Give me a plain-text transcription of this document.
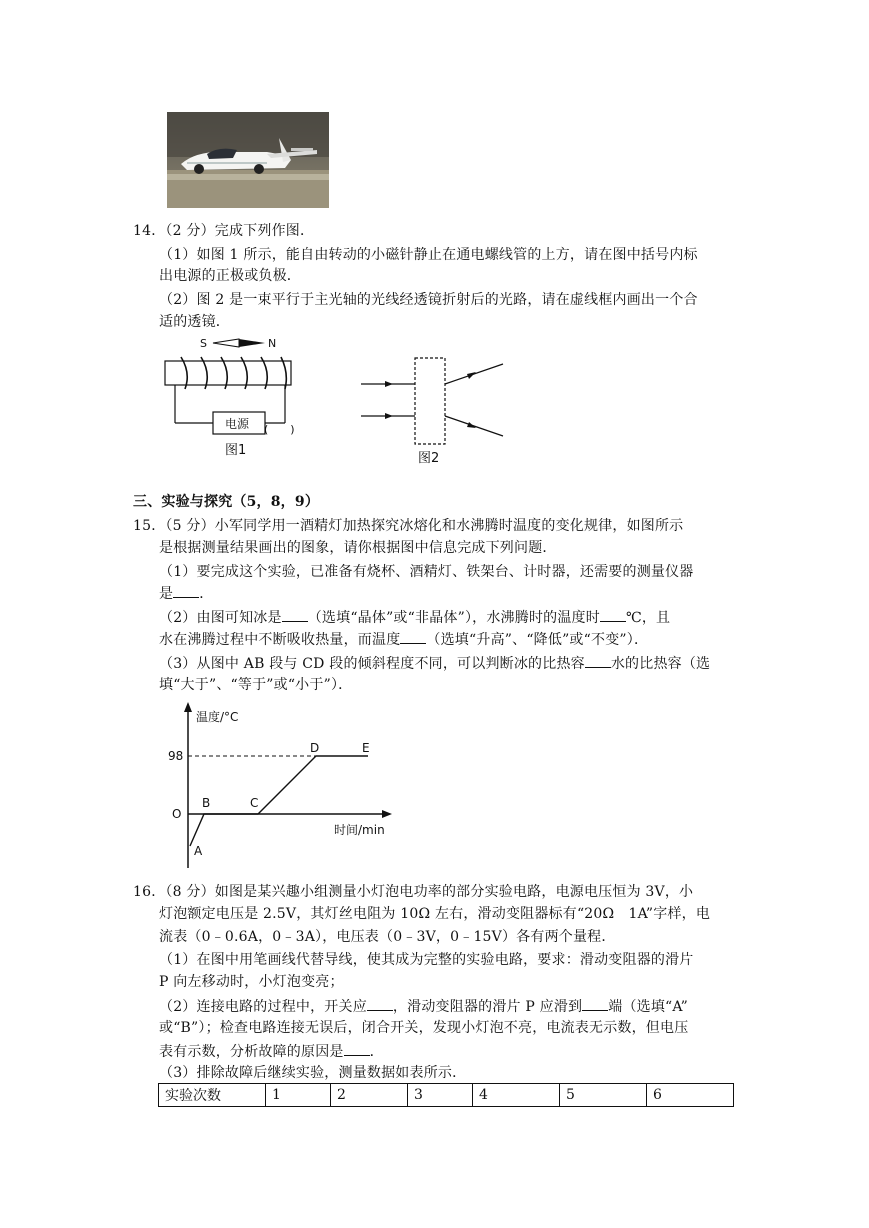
14．（2 分）完成下列作图．
（1）如图 1 所示，能自由转动的小磁针静止在通电螺线管的上方，请在图中括号内标
出电源的正极或负极．
（2）图 2 是一束平行于主光轴的光线经透镜折射后的光路，请在虚线框内画出一个合
适的透镜．
S	N
电源 (　　)
图1
图2
三、实验与探究（5，8，9）
15．（5 分）小军同学用一酒精灯加热探究冰熔化和水沸腾时温度的变化规律，如图所示
是根据测量结果画出的图象，请你根据图中信息完成下列问题．
（1）要完成这个实验，已准备有烧杯、酒精灯、铁架台、计时器，还需要的测量仪器
是 ．
（2）由图可知冰是 （选填“晶体”或“非晶体”），水沸腾时的温度时 ℃，且
水在沸腾过程中不断吸收热量，而温度 （选填“升高”、“降低”或“不变”）．
（3）从图中 AB 段与 CD 段的倾斜程度不同，可以判断冰的比热容 水的比热容（选
填“大于”、“等于”或“小于”）．
温度/°C
时间/min
O
98
A
B	C
D	E
16．（8 分）如图是某兴趣小组测量小灯泡电功率的部分实验电路，电源电压恒为 3V，小
灯泡额定电压是 2.5V，其灯丝电阻为 10Ω 左右，滑动变阻器标有“20Ω　1A”字样，电
流表（0﹣0.6A，0﹣3A），电压表（0﹣3V，0﹣15V）各有两个量程．
（1）在图中用笔画线代替导线，使其成为完整的实验电路，要求：滑动变阻器的滑片
P 向左移动时，小灯泡变亮；
（2）连接电路的过程中，开关应 ，滑动变阻器的滑片 P 应滑到 端（选填“A”
或“B”）；检查电路连接无误后，闭合开关，发现小灯泡不亮，电流表无示数，但电压
表有示数，分析故障的原因是 ．
（3）排除故障后继续实验，测量数据如表所示．
实验次数	1	2	3	4	5	6
